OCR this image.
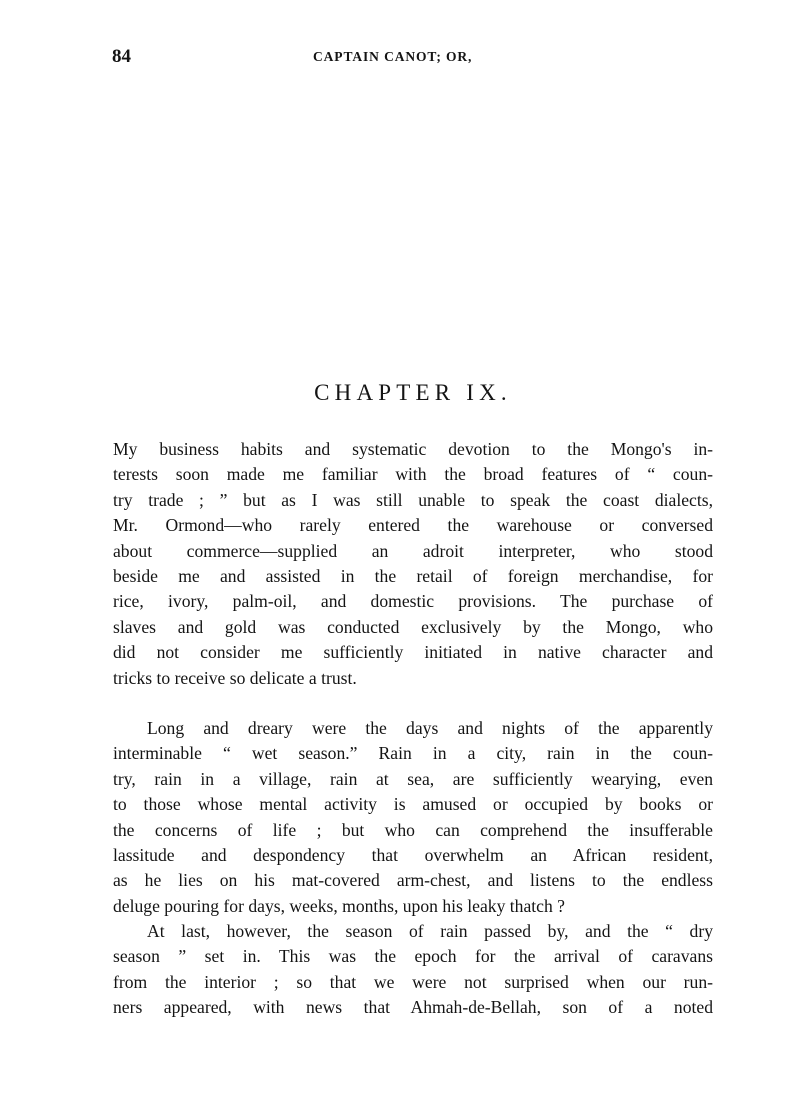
84	CAPTAIN CANOT; OR,
CHAPTER IX.
My business habits and systematic devotion to the Mongo's in-
terests soon made me familiar with the broad features of “ coun-
try trade ; ” but as I was still unable to speak the coast dialects,
Mr. Ormond—who rarely entered the warehouse or conversed
about commerce—supplied an adroit interpreter, who stood
beside me and assisted in the retail of foreign merchandise, for
rice, ivory, palm-oil, and domestic provisions. The purchase of
slaves and gold was conducted exclusively by the Mongo, who
did not consider me sufficiently initiated in native character and
tricks to receive so delicate a trust.
Long and dreary were the days and nights of the apparently
interminable “ wet season.” Rain in a city, rain in the coun-
try, rain in a village, rain at sea, are sufficiently wearying, even
to those whose mental activity is amused or occupied by books or
the concerns of life ; but who can comprehend the insufferable
lassitude and despondency that overwhelm an African resident,
as he lies on his mat-covered arm-chest, and listens to the endless
deluge pouring for days, weeks, months, upon his leaky thatch ?
At last, however, the season of rain passed by, and the “ dry
season ” set in. This was the epoch for the arrival of caravans
from the interior ; so that we were not surprised when our run-
ners appeared, with news that Ahmah-de-Bellah, son of a noted
